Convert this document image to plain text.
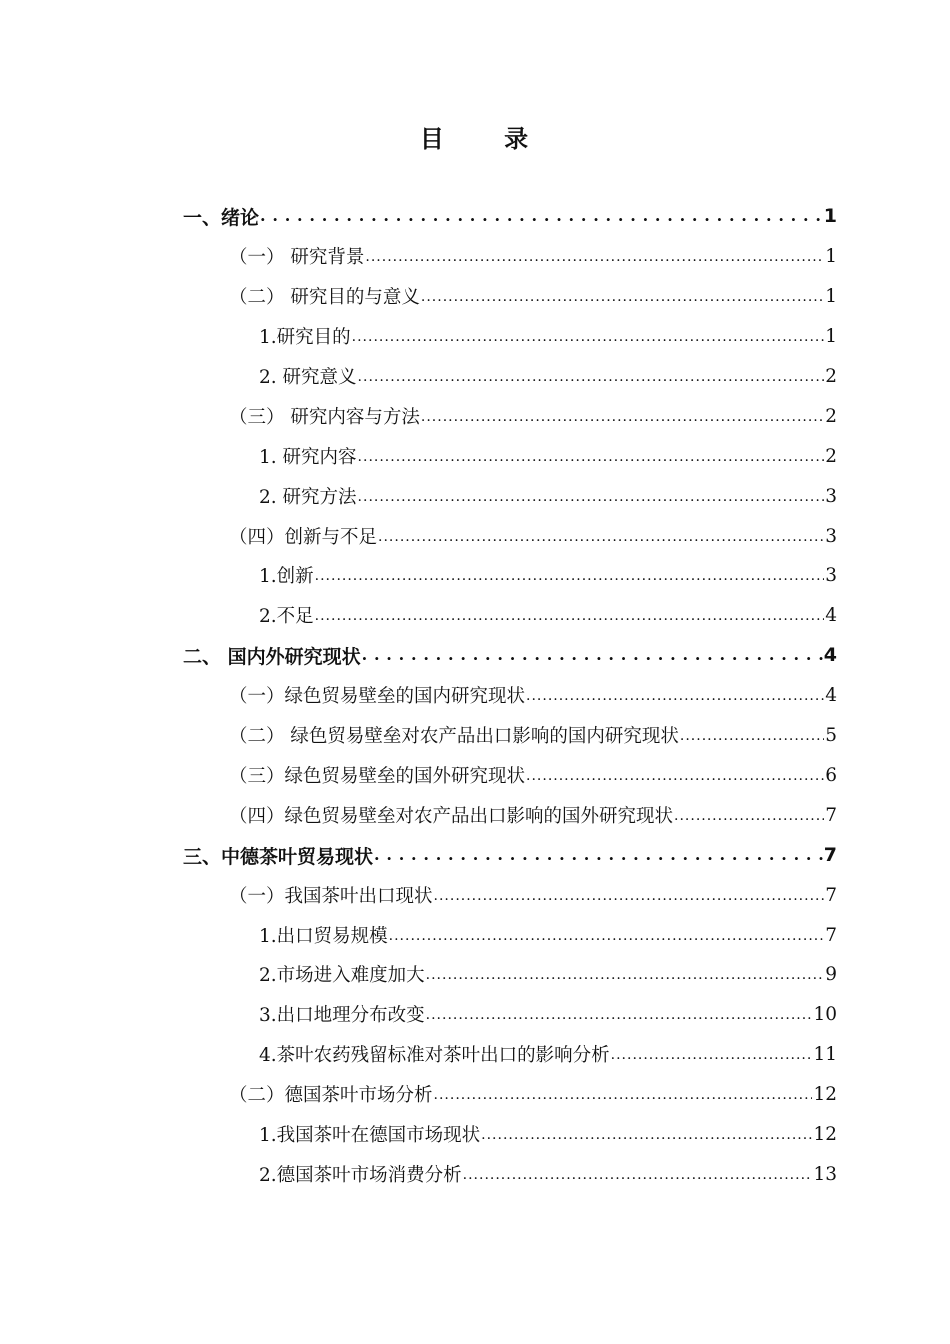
目 录
一、绪论 . . .	1
（一） 研究背景 .....	1
（二） 研究目的与意义 .....	1
1.研究目的 .....	1
2. 研究意义 .....	2
（三） 研究内容与方法 .....	2
1. 研究内容 .....	2
2. 研究方法 .....	3
（四）创新与不足 .....	3
1.创新 .....	3
2.不足 .....	4
二、 国内外研究现状 . . .	4
（一）绿色贸易壁垒的国内研究现状 .....	4
（二） 绿色贸易壁垒对农产品出口影响的国内研究现状 .....	5
（三）绿色贸易壁垒的国外研究现状 .....	6
（四）绿色贸易壁垒对农产品出口影响的国外研究现状 .....	7
三、中德茶叶贸易现状 . . .	7
（一）我国茶叶出口现状 .....	7
1.出口贸易规模 .....	7
2.市场进入难度加大 .....	9
3.出口地理分布改变 .....	10
4.茶叶农药残留标准对茶叶出口的影响分析 .....	11
（二）德国茶叶市场分析 .....	12
1.我国茶叶在德国市场现状 .....	12
2.德国茶叶市场消费分析 .....	13
